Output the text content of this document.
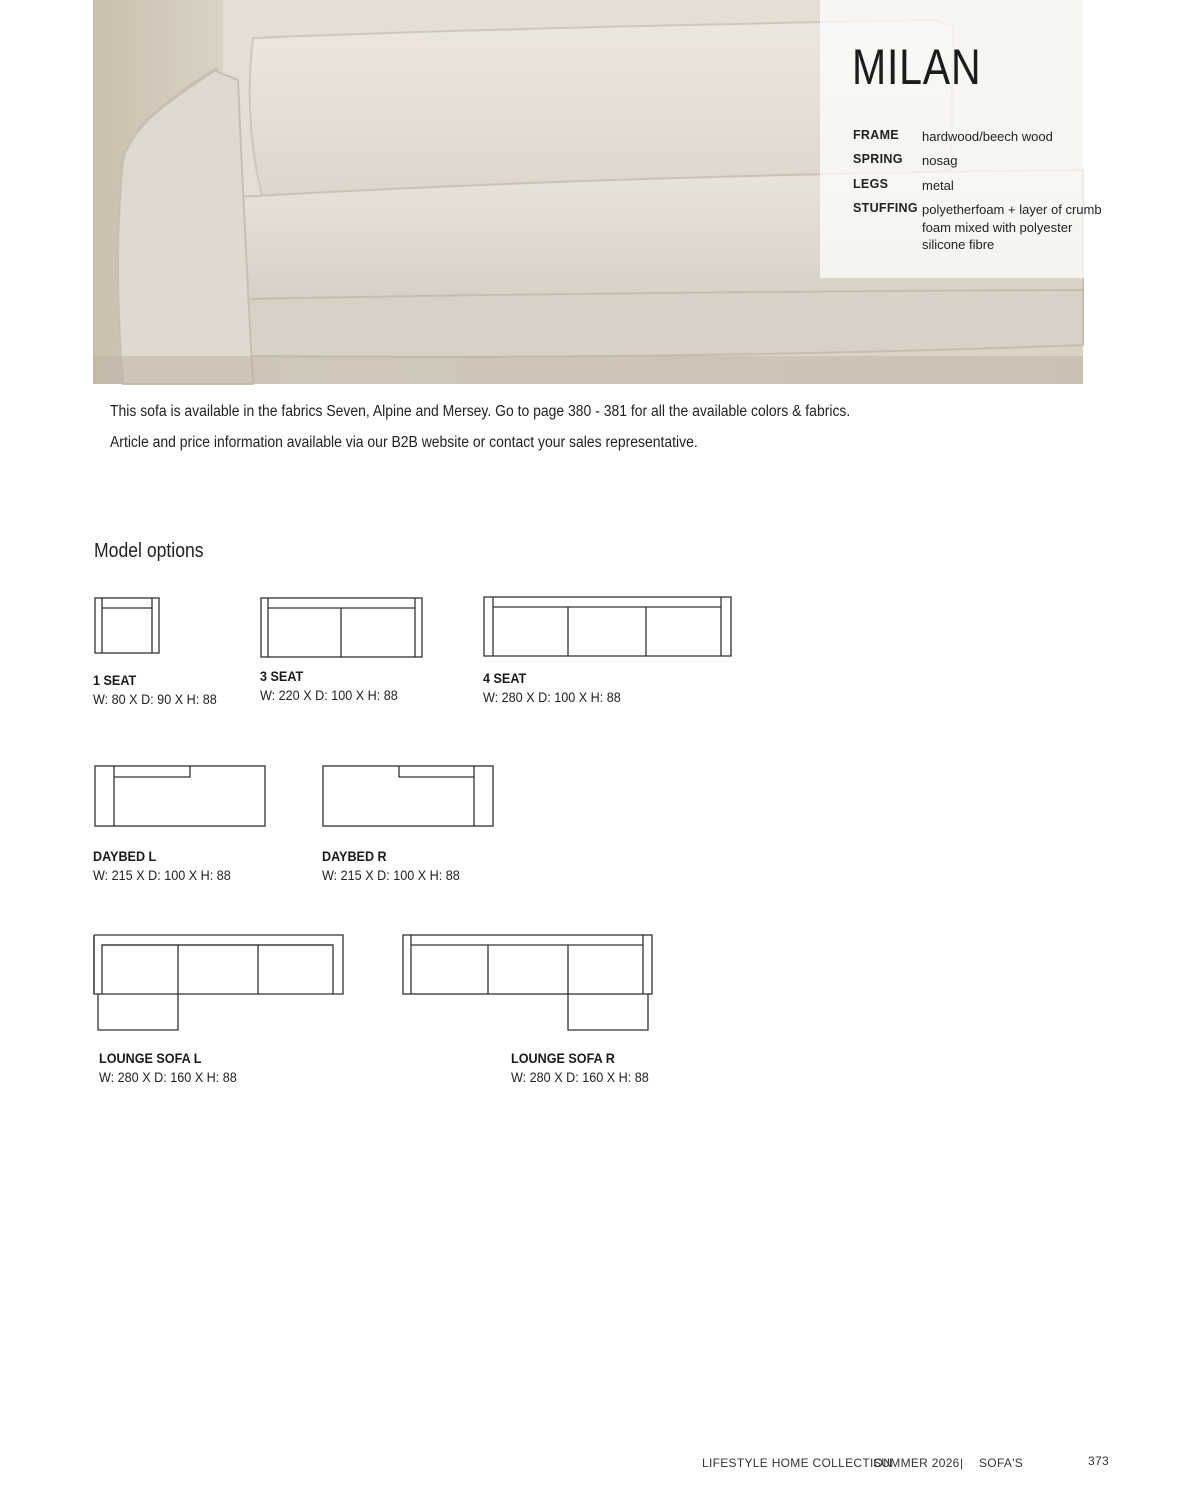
MILAN
FRAME	hardwood/beech wood
SPRING	nosag
LEGS	metal
STUFFING polyetherfoam + layer of crumb foam mixed with polyester silicone fibre
This sofa is available in the fabrics Seven, Alpine and Mersey. Go to page 380 - 381 for all the available colors & fabrics.
Article and price information available via our B2B website or contact your sales representative.
Model options
1 SEAT
W: 80 X D: 90 X H: 88
3 SEAT
W: 220 X D: 100 X H: 88
4 SEAT
W: 280 X D: 100 X H: 88
DAYBED L
W: 215 X D: 100 X H: 88
DAYBED R
W: 215 X D: 100 X H: 88
LOUNGE SOFA L
W: 280 X D: 160 X H: 88
LOUNGE SOFA R
W: 280 X D: 160 X H: 88
LIFESTYLE HOME COLLECTION
SUMMER 2026 | SOFA'S	373
